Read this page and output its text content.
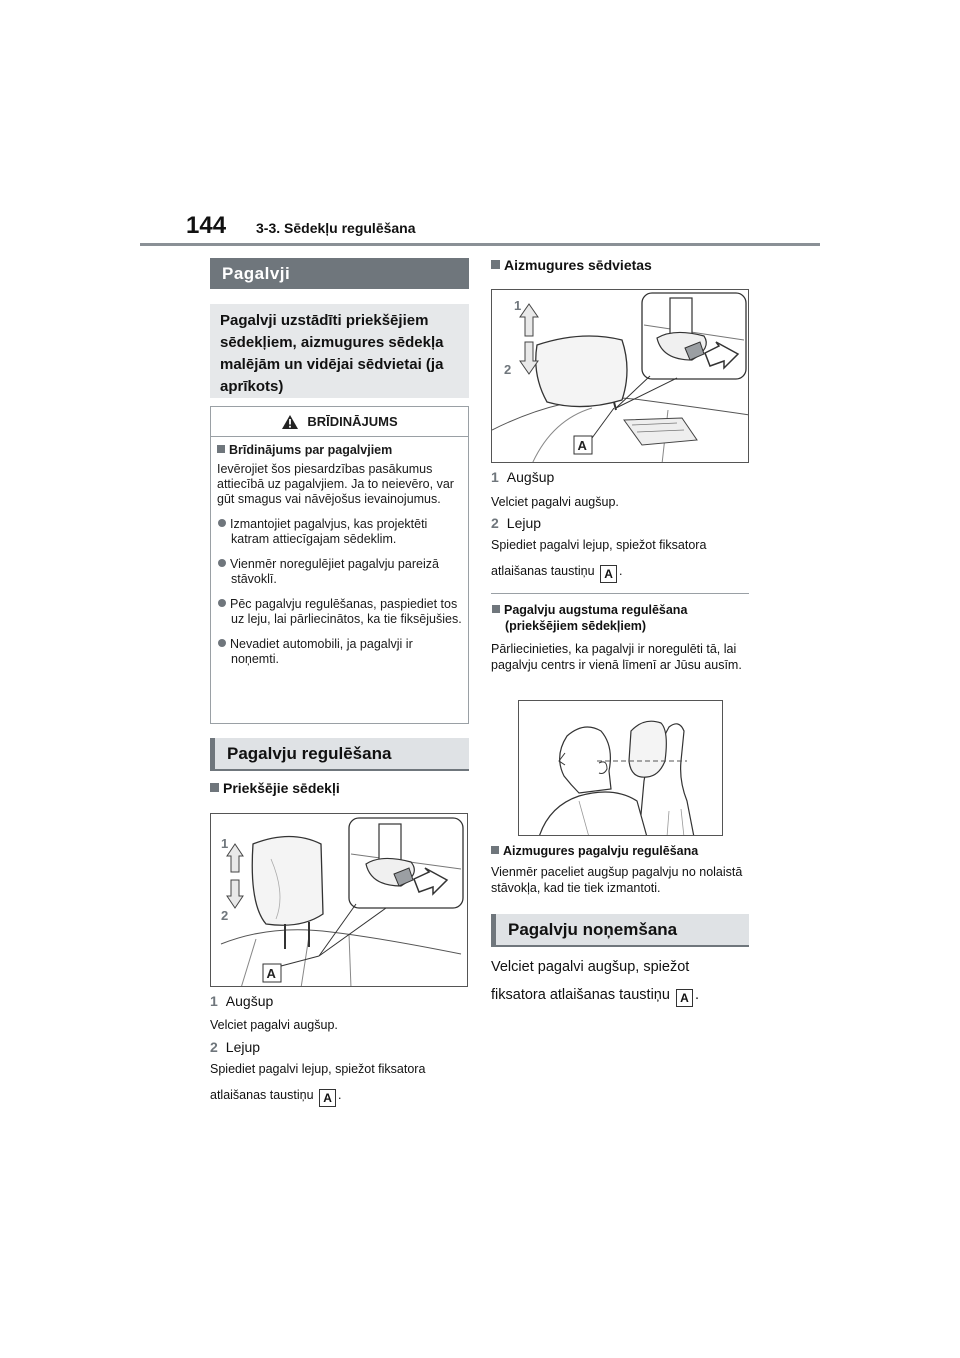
144 3-3. Sēdekļu regulēšana
Pagalvji
Pagalvji uzstādīti priekšējiem sēdekļiem, aizmugures sēdekļa malējām un vidējai sēdvietai (ja aprīkots)
BRĪDINĀJUMS
Brīdinājums par pagalvjiem
Ievērojiet šos piesardzības pasākumus attiecībā uz pagalvjiem. Ja to neievēro, var gūt smagus vai nāvējošus ievainojumus.
Izmantojiet pagalvjus, kas projektēti katram attiecīgajam sēdeklim.
Vienmēr noregulējiet pagalvju pareizā stāvoklī.
Pēc pagalvju regulēšanas, paspiediet tos uz leju, lai pārliecinātos, ka tie fiksējušies.
Nevadiet automobili, ja pagalvji ir noņemti.
Pagalvju regulēšana
Priekšējie sēdekļi
1
2
A
1 Augšup
Velciet pagalvi augšup.
2 Lejup
Spiediet pagalvi lejup, spiežot fiksatora
atlaišanas taustiņu A .
Aizmugures sēdvietas
1
2
A
1 Augšup
Velciet pagalvi augšup.
2 Lejup
Spiediet pagalvi lejup, spiežot fiksatora
atlaišanas taustiņu A .
Pagalvju augstuma regulēšana (priekšējiem sēdekļiem)
Pārliecinieties, ka pagalvji ir noregulēti tā, lai pagalvju centrs ir vienā līmenī ar Jūsu ausīm.
Aizmugures pagalvju regulēšana
Vienmēr paceliet augšup pagalvju no nolaistā stāvokļa, kad tie tiek izmantoti.
Pagalvju noņemšana
Velciet pagalvi augšup, spiežot
fiksatora atlaišanas taustiņu A .
